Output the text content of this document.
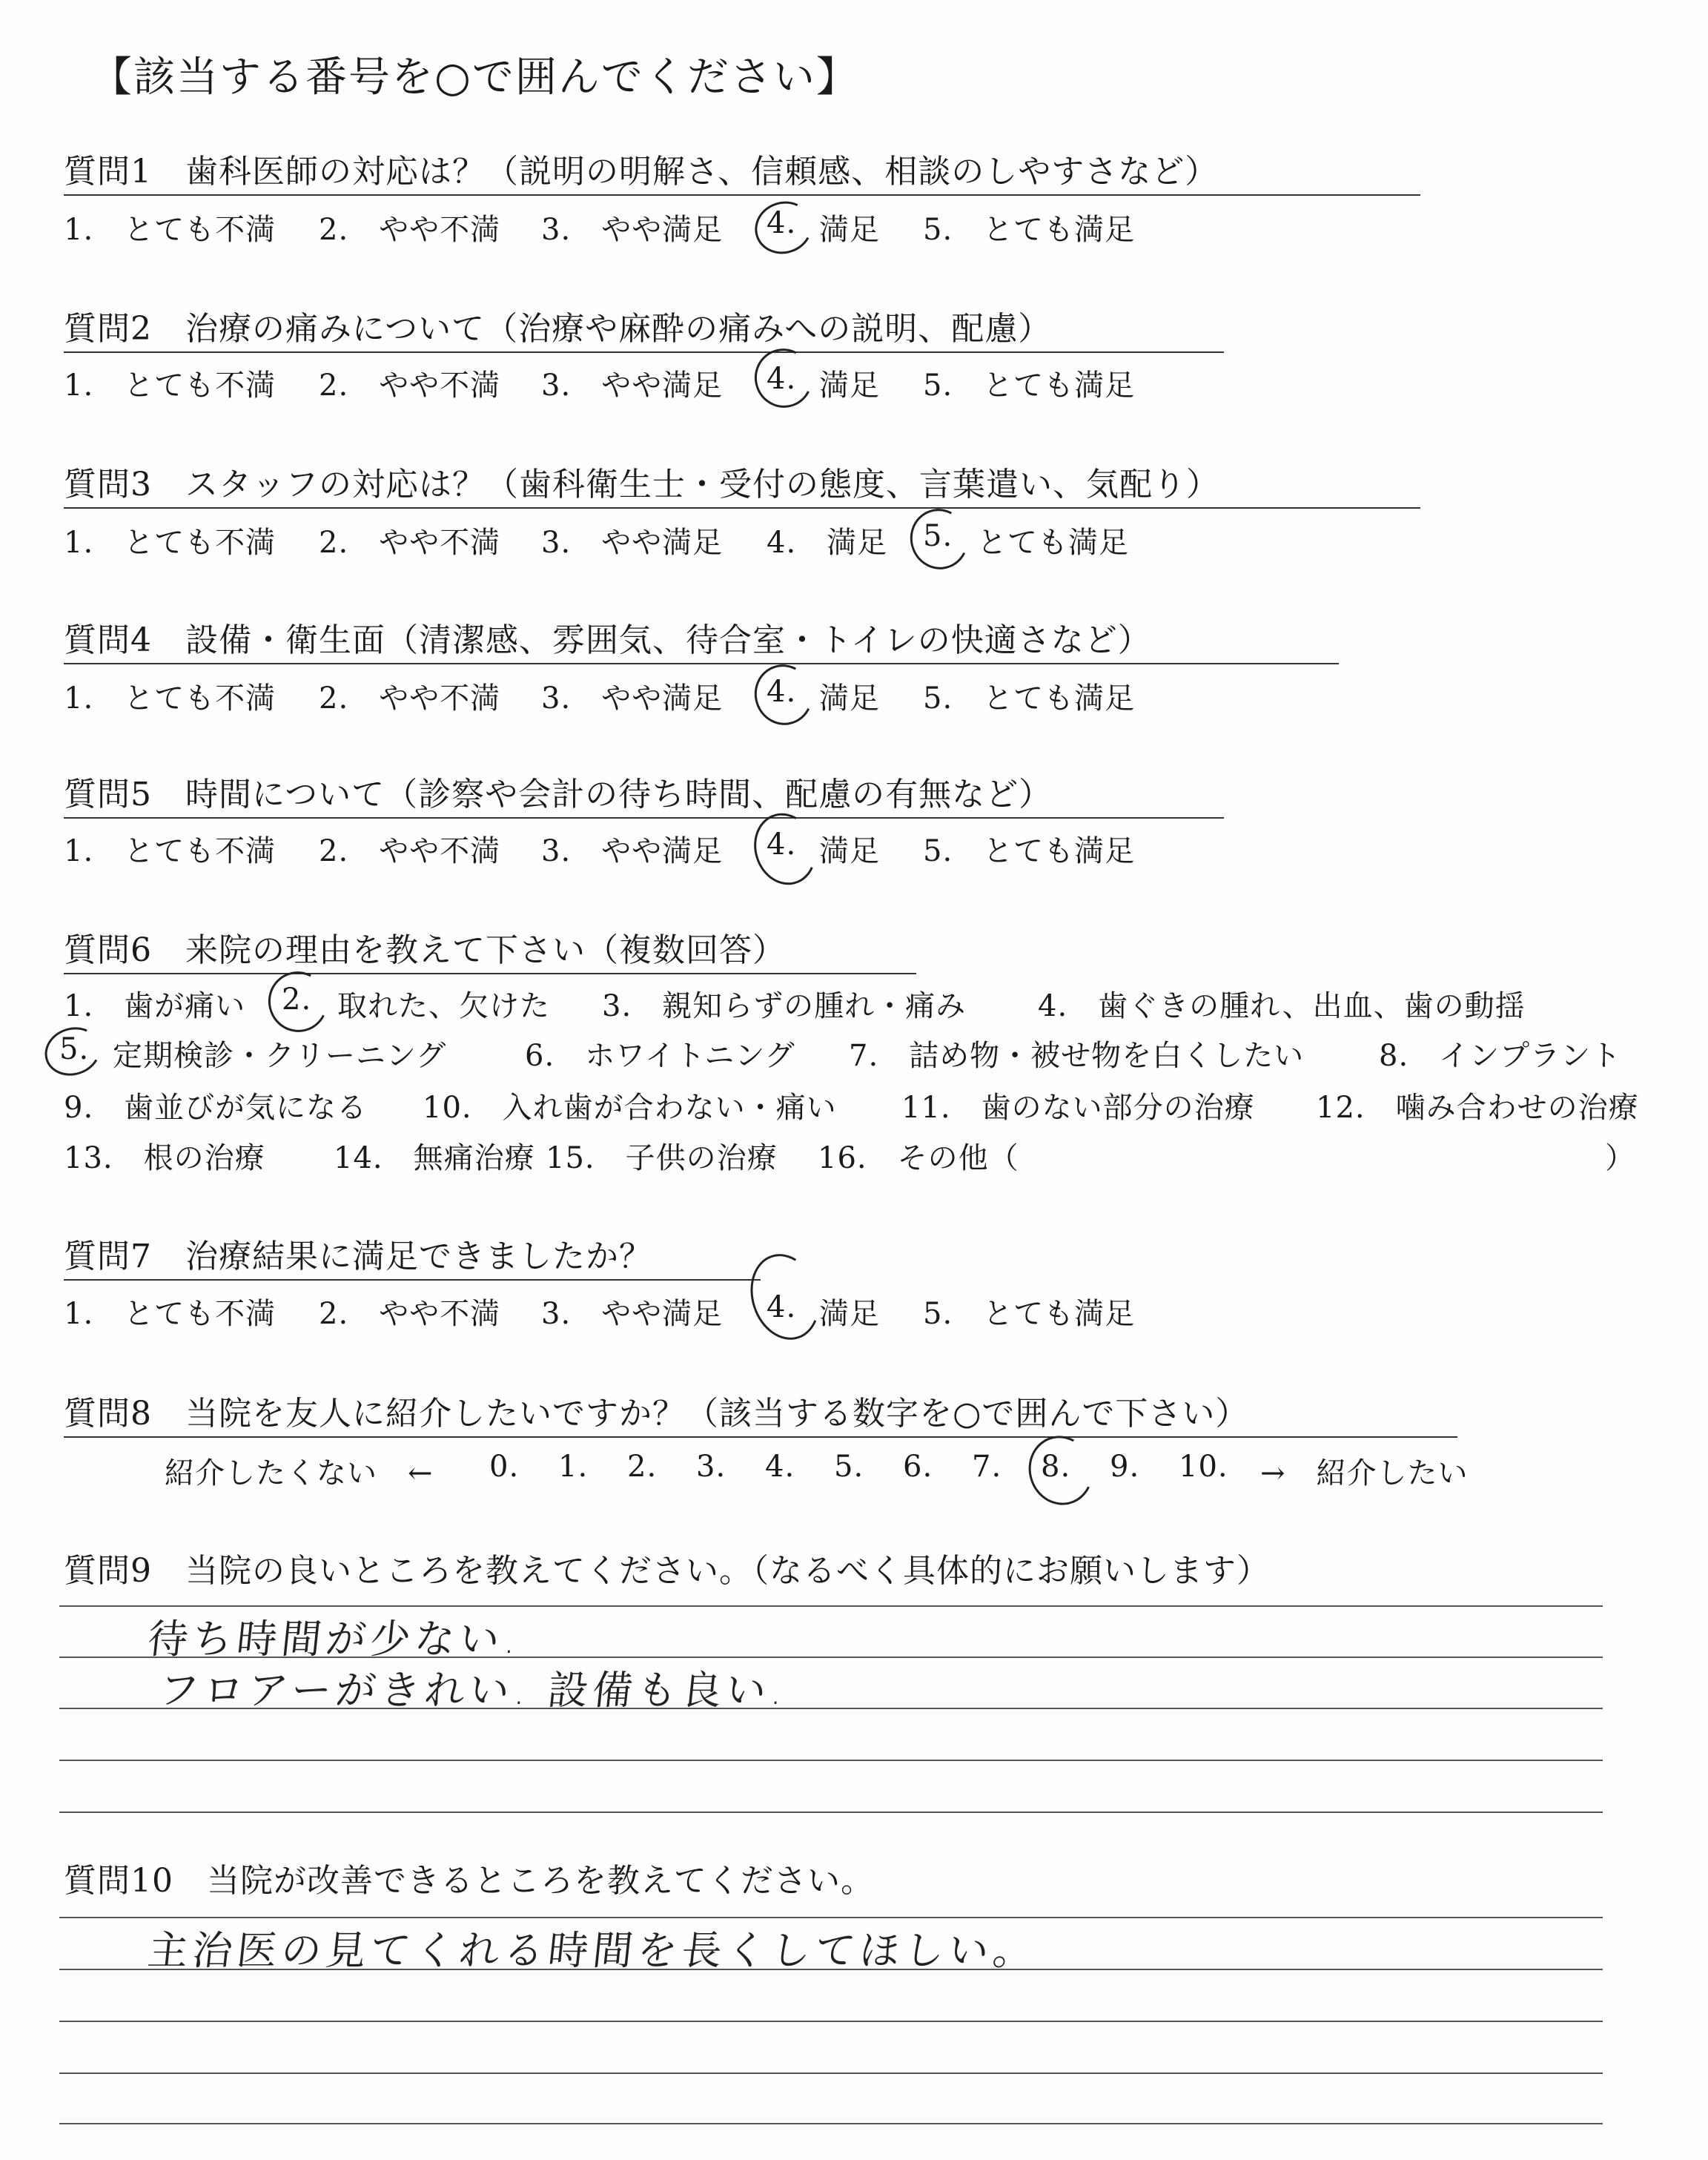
【該当する番号を○で囲んでください】
質問1　歯科医師の対応は？（説明の明解さ、信頼感、相談のしやすさなど）
1.　とても不満 2.　やや不満 3.　やや満足 4. 満足 5.　とても満足
質問2　治療の痛みについて（治療や麻酔の痛みへの説明、配慮）
1.　とても不満 2.　やや不満 3.　やや満足 4. 満足 5.　とても満足
質問3　スタッフの対応は？（歯科衛生士・受付の態度、言葉遣い、気配り）
1.　とても不満 2.　やや不満 3.　やや満足 4.　満足 5. とても満足
質問4　設備・衛生面（清潔感、雰囲気、待合室・トイレの快適さなど）
1.　とても不満 2.　やや不満 3.　やや満足 4. 満足 5.　とても満足
質問5　時間について（診察や会計の待ち時間、配慮の有無など）
1.　とても不満 2.　やや不満 3.　やや満足 4. 満足 5.　とても満足
質問6　来院の理由を教えて下さい（複数回答）
1.　歯が痛い 2. 取れた、欠けた 3.　親知らずの腫れ・痛み 4.　歯ぐきの腫れ、出血、歯の動揺
5. 定期検診・クリーニング	6.　ホワイトニング 7.　詰め物・被せ物を白くしたい	8.　インプラント
9.　歯並びが気になる 10.　入れ歯が合わない・痛い 11.　歯のない部分の治療 12.　噛み合わせの治療
13.　根の治療 14.　無痛治療 15.　子供の治療 16.　その他（	）
質問7　治療結果に満足できましたか？
1.　とても不満 2.　やや不満 3.　やや満足 4. 満足 5.　とても満足
質問8　当院を友人に紹介したいですか？（該当する数字を○で囲んで下さい）
紹介したくない　← 0. 1. 2. 3. 4. 5. 6. 7. 8. 9. 10. →　紹介したい
質問9　当院の良いところを教えてください。（なるべく具体的にお願いします）
待ち時間が少ない.
フロアーがきれい. 設備も良い.
質問10　当院が改善できるところを教えてください。
主治医の見てくれる時間を長くしてほしい。
